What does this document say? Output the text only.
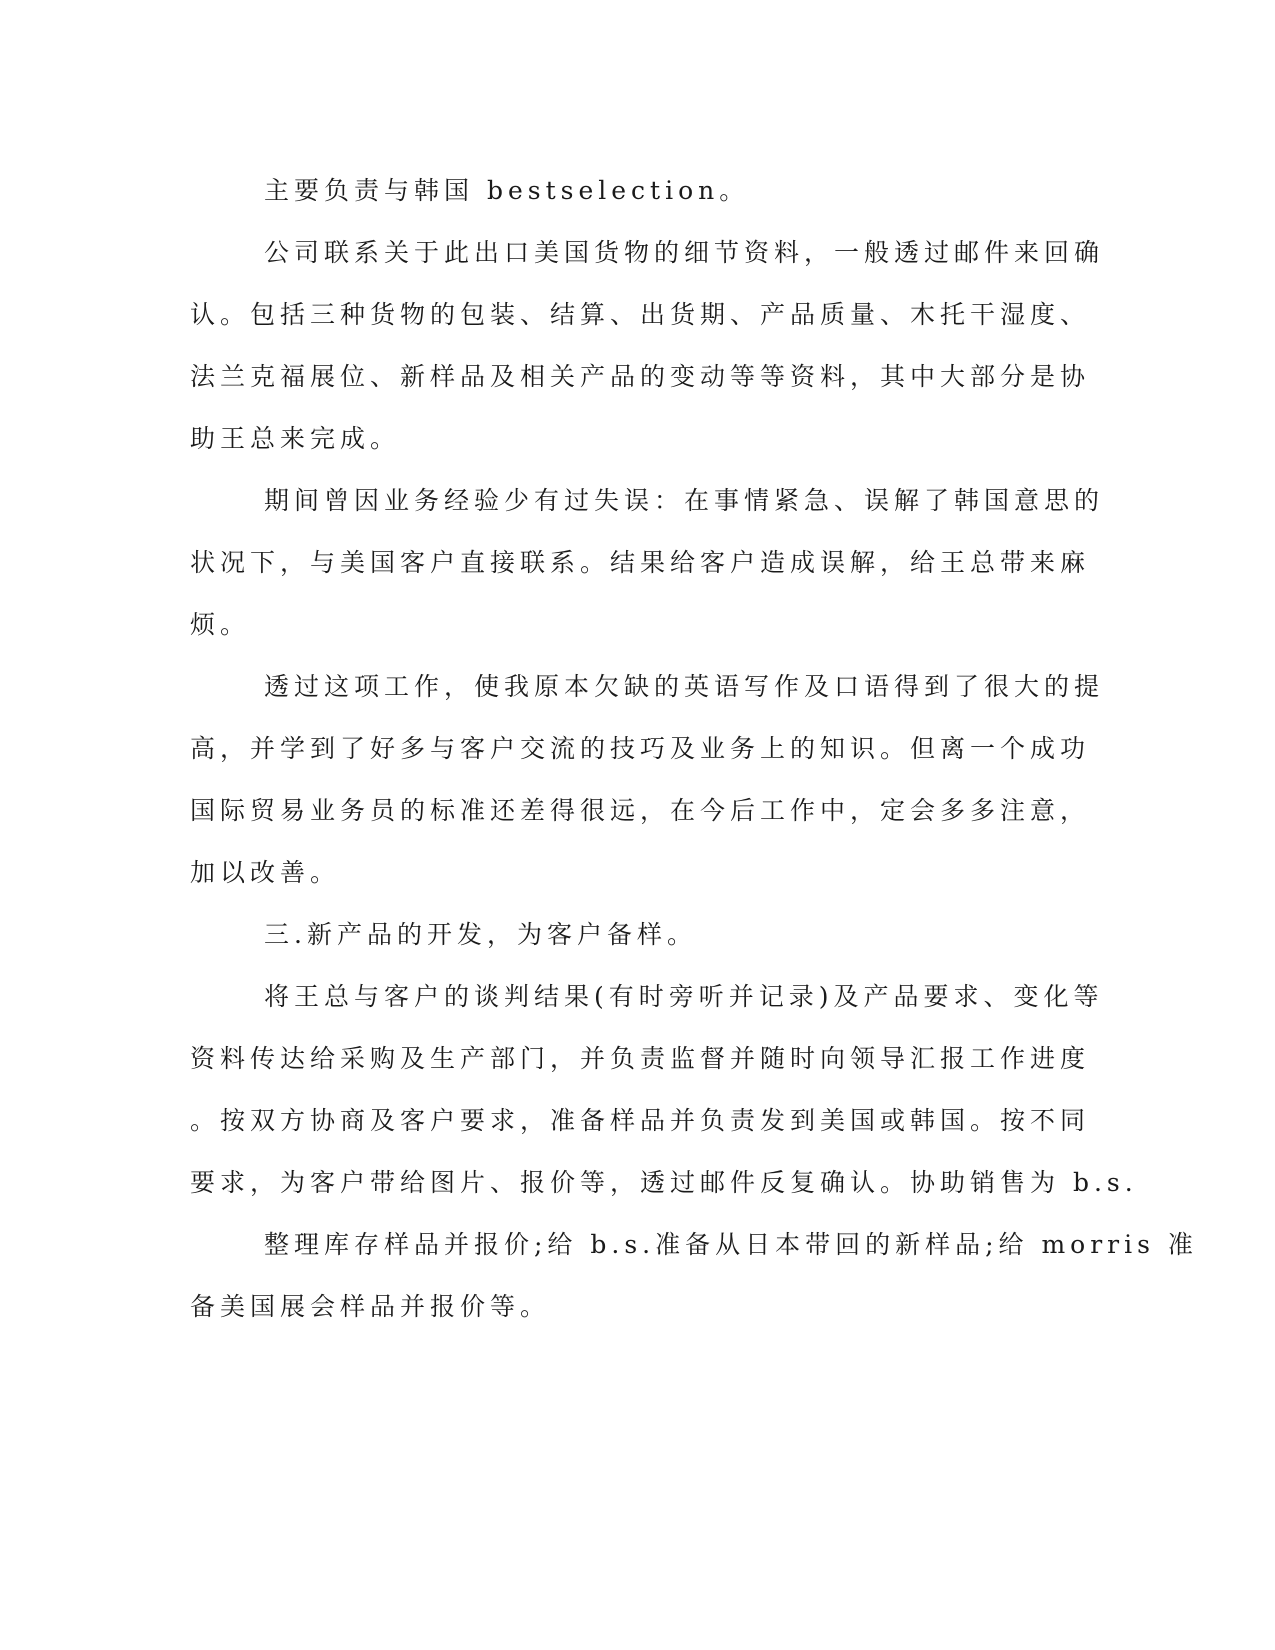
主要负责与韩国 bestselection。
公司联系关于此出口美国货物的细节资料，一般透过邮件来回确
认。包括三种货物的包装、结算、出货期、产品质量、木托干湿度、
法兰克福展位、新样品及相关产品的变动等等资料，其中大部分是协
助王总来完成。
期间曾因业务经验少有过失误：在事情紧急、误解了韩国意思的
状况下，与美国客户直接联系。结果给客户造成误解，给王总带来麻
烦。
透过这项工作，使我原本欠缺的英语写作及口语得到了很大的提
高，并学到了好多与客户交流的技巧及业务上的知识。但离一个成功
国际贸易业务员的标准还差得很远，在今后工作中，定会多多注意，
加以改善。
三.新产品的开发，为客户备样。
将王总与客户的谈判结果(有时旁听并记录)及产品要求、变化等
资料传达给采购及生产部门，并负责监督并随时向领导汇报工作进度
。按双方协商及客户要求，准备样品并负责发到美国或韩国。按不同
要求，为客户带给图片、报价等，透过邮件反复确认。协助销售为 b.s.
整理库存样品并报价;给 b.s.准备从日本带回的新样品;给 morris 准
备美国展会样品并报价等。
